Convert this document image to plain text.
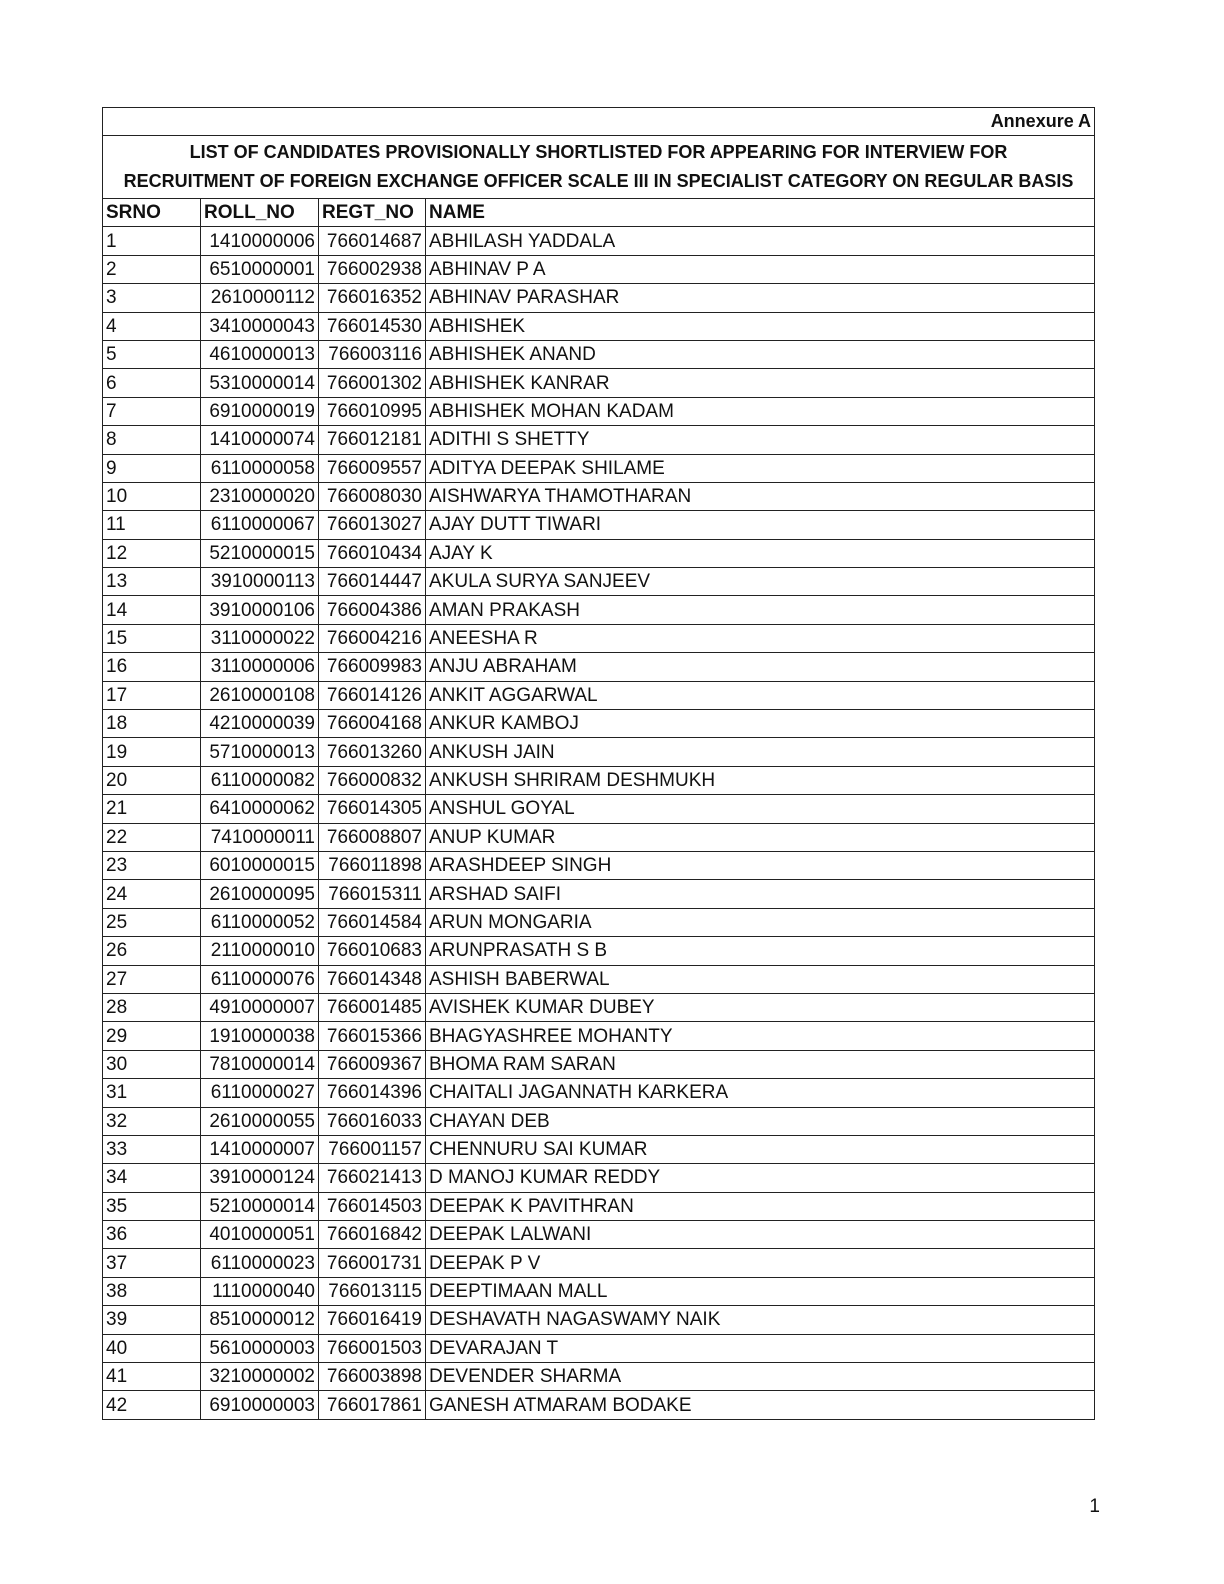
Annexure A			
LIST OF CANDIDATES PROVISIONALLY SHORTLISTED FOR APPEARING FOR INTERVIEW FOR RECRUITMENT OF FOREIGN EXCHANGE OFFICER SCALE III IN SPECIALIST CATEGORY ON REGULAR BASIS			
SRNO	ROLL_NO	REGT_NO	NAME
1	1410000006	766014687	ABHILASH YADDALA
2	6510000001	766002938	ABHINAV P A
3	2610000112	766016352	ABHINAV PARASHAR
4	3410000043	766014530	ABHISHEK
5	4610000013	766003116	ABHISHEK ANAND
6	5310000014	766001302	ABHISHEK KANRAR
7	6910000019	766010995	ABHISHEK MOHAN KADAM
8	1410000074	766012181	ADITHI S SHETTY
9	6110000058	766009557	ADITYA DEEPAK SHILAME
10	2310000020	766008030	AISHWARYA THAMOTHARAN
11	6110000067	766013027	AJAY DUTT TIWARI
12	5210000015	766010434	AJAY K
13	3910000113	766014447	AKULA SURYA SANJEEV
14	3910000106	766004386	AMAN PRAKASH
15	3110000022	766004216	ANEESHA R
16	3110000006	766009983	ANJU ABRAHAM
17	2610000108	766014126	ANKIT AGGARWAL
18	4210000039	766004168	ANKUR KAMBOJ
19	5710000013	766013260	ANKUSH JAIN
20	6110000082	766000832	ANKUSH SHRIRAM DESHMUKH
21	6410000062	766014305	ANSHUL GOYAL
22	7410000011	766008807	ANUP KUMAR
23	6010000015	766011898	ARASHDEEP SINGH
24	2610000095	766015311	ARSHAD SAIFI
25	6110000052	766014584	ARUN MONGARIA
26	2110000010	766010683	ARUNPRASATH S B
27	6110000076	766014348	ASHISH BABERWAL
28	4910000007	766001485	AVISHEK KUMAR DUBEY
29	1910000038	766015366	BHAGYASHREE MOHANTY
30	7810000014	766009367	BHOMA RAM SARAN
31	6110000027	766014396	CHAITALI JAGANNATH KARKERA
32	2610000055	766016033	CHAYAN DEB
33	1410000007	766001157	CHENNURU SAI KUMAR
34	3910000124	766021413	D MANOJ KUMAR REDDY
35	5210000014	766014503	DEEPAK K PAVITHRAN
36	4010000051	766016842	DEEPAK LALWANI
37	6110000023	766001731	DEEPAK P V
38	1110000040	766013115	DEEPTIMAAN MALL
39	8510000012	766016419	DESHAVATH NAGASWAMY NAIK
40	5610000003	766001503	DEVARAJAN T
41	3210000002	766003898	DEVENDER SHARMA
42	6910000003	766017861	GANESH ATMARAM BODAKE
1
